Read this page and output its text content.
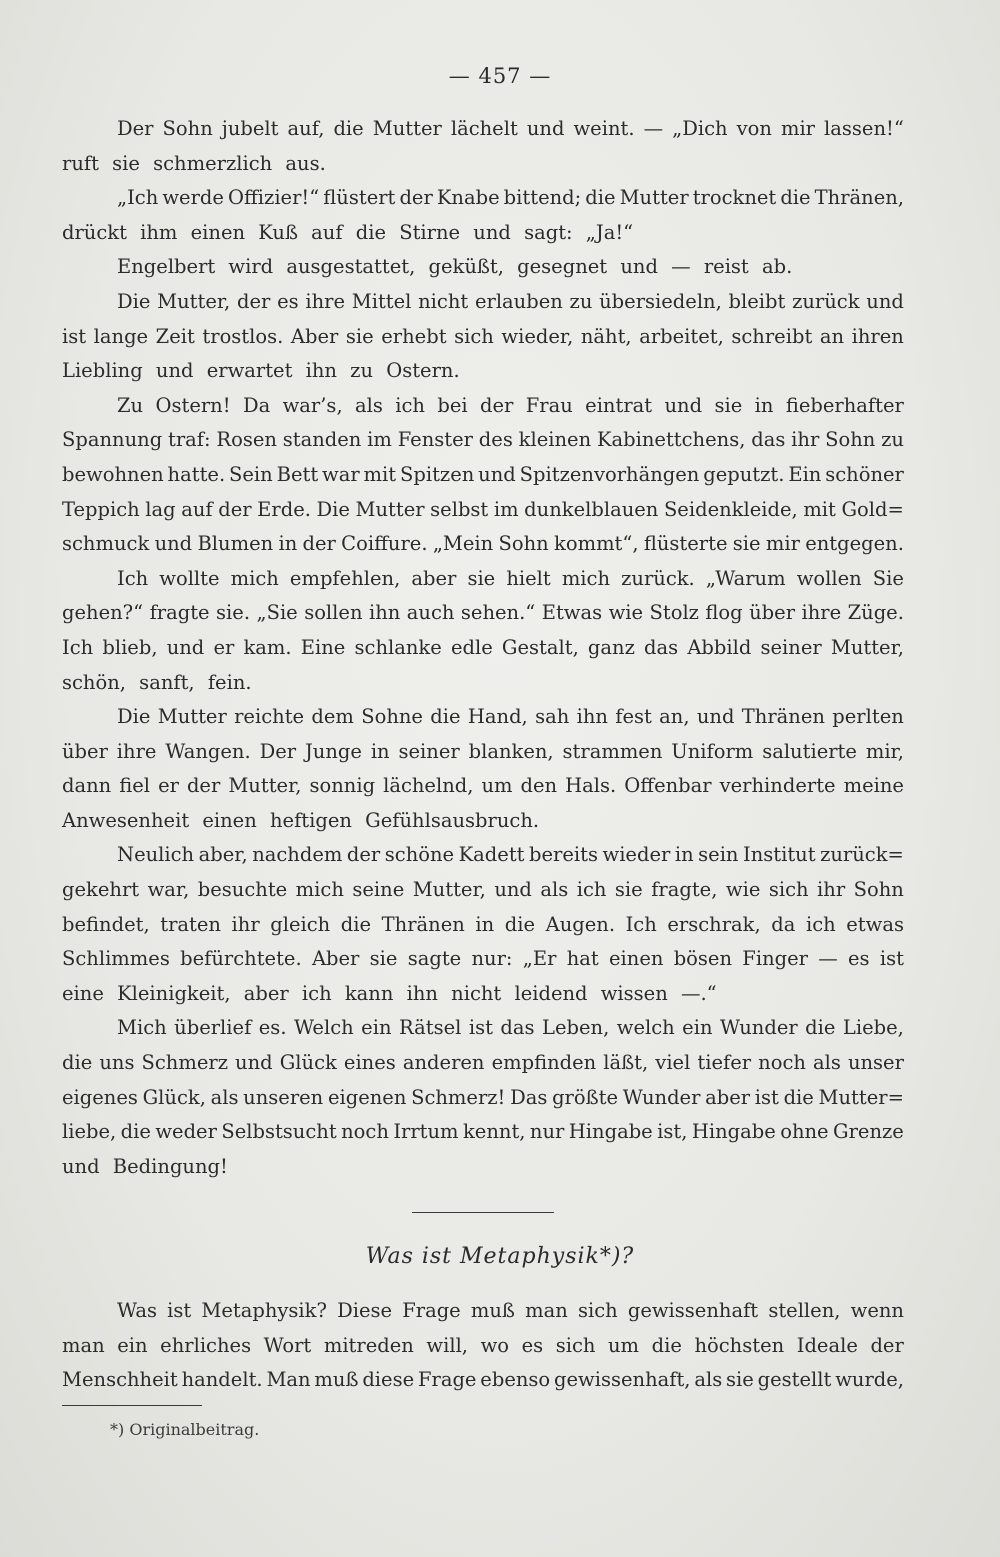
— 457 —
Der Sohn jubelt auf, die Mutter lächelt und weint. — „Dich von mir lassen!“
ruft sie schmerzlich aus.
„Ich werde Offizier!“ flüstert der Knabe bittend; die Mutter trocknet die Thränen,
drückt ihm einen Kuß auf die Stirne und sagt: „Ja!“
Engelbert wird ausgestattet, geküßt, gesegnet und — reist ab.
Die Mutter, der es ihre Mittel nicht erlauben zu übersiedeln, bleibt zurück und
ist lange Zeit trostlos. Aber sie erhebt sich wieder, näht, arbeitet, schreibt an ihren
Liebling und erwartet ihn zu Ostern.
Zu Ostern! Da war’s, als ich bei der Frau eintrat und sie in fieberhafter
Spannung traf: Rosen standen im Fenster des kleinen Kabinettchens, das ihr Sohn zu
bewohnen hatte. Sein Bett war mit Spitzen und Spitzenvorhängen geputzt. Ein schöner
Teppich lag auf der Erde. Die Mutter selbst im dunkelblauen Seidenkleide, mit Gold=
schmuck und Blumen in der Coiffure. „Mein Sohn kommt“, flüsterte sie mir entgegen.
Ich wollte mich empfehlen, aber sie hielt mich zurück. „Warum wollen Sie
gehen?“ fragte sie. „Sie sollen ihn auch sehen.“ Etwas wie Stolz flog über ihre Züge.
Ich blieb, und er kam. Eine schlanke edle Gestalt, ganz das Abbild seiner Mutter,
schön, sanft, fein.
Die Mutter reichte dem Sohne die Hand, sah ihn fest an, und Thränen perlten
über ihre Wangen. Der Junge in seiner blanken, strammen Uniform salutierte mir,
dann fiel er der Mutter, sonnig lächelnd, um den Hals. Offenbar verhinderte meine
Anwesenheit einen heftigen Gefühlsausbruch.
Neulich aber, nachdem der schöne Kadett bereits wieder in sein Institut zurück=
gekehrt war, besuchte mich seine Mutter, und als ich sie fragte, wie sich ihr Sohn
befindet, traten ihr gleich die Thränen in die Augen. Ich erschrak, da ich etwas
Schlimmes befürchtete. Aber sie sagte nur: „Er hat einen bösen Finger — es ist
eine Kleinigkeit, aber ich kann ihn nicht leidend wissen —.“
Mich überlief es. Welch ein Rätsel ist das Leben, welch ein Wunder die Liebe,
die uns Schmerz und Glück eines anderen empfinden läßt, viel tiefer noch als unser
eigenes Glück, als unseren eigenen Schmerz! Das größte Wunder aber ist die Mutter=
liebe, die weder Selbstsucht noch Irrtum kennt, nur Hingabe ist, Hingabe ohne Grenze
und Bedingung!
Was ist Metaphysik*)?
Was ist Metaphysik? Diese Frage muß man sich gewissenhaft stellen, wenn
man ein ehrliches Wort mitreden will, wo es sich um die höchsten Ideale der
Menschheit handelt. Man muß diese Frage ebenso gewissenhaft, als sie gestellt wurde,
*) Originalbeitrag.
